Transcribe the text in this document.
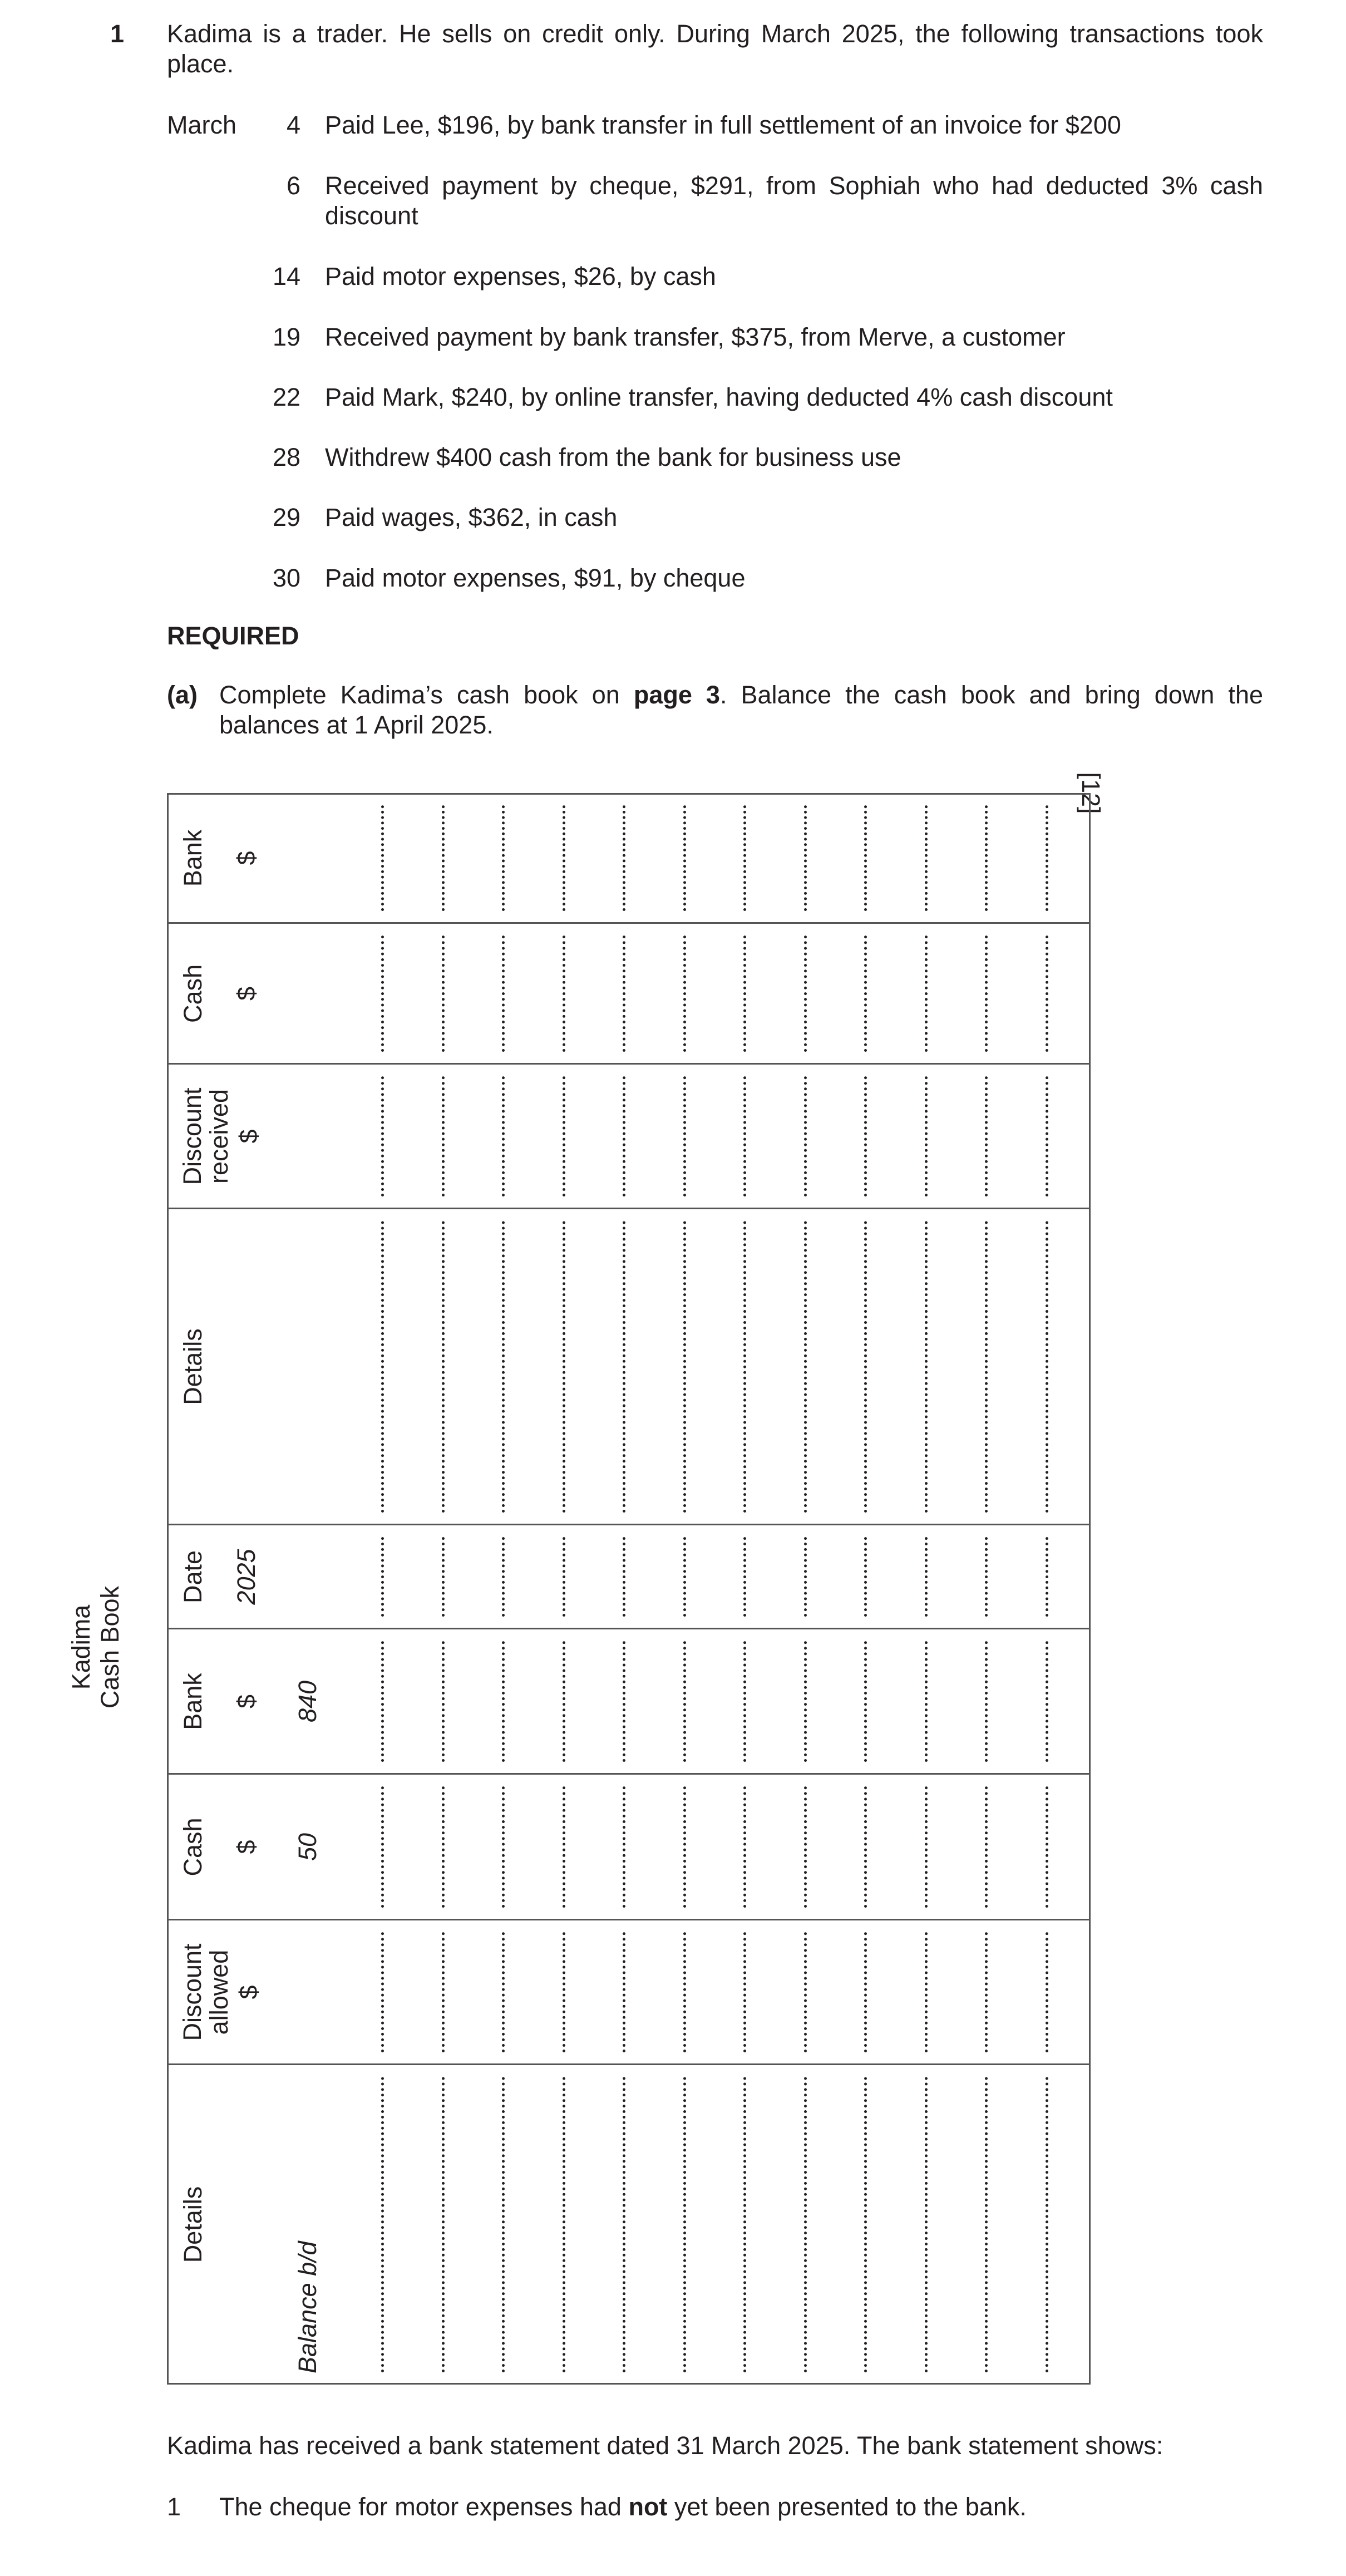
1 Kadima is a trader. He sells on credit only. During March 2025, the following transactions took place.
March	4 Paid Lee, $196, by bank transfer in full settlement of an invoice for $200
6 Received payment by cheque, $291, from Sophiah who had deducted 3% cash discount
14 Paid motor expenses, $26, by cash
19 Received payment by bank transfer, $375, from Merve, a customer
22 Paid Mark, $240, by online transfer, having deducted 4% cash discount
28 Withdrew $400 cash from the bank for business use
29 Paid wages, $362, in cash
30 Paid motor expenses, $91, by cheque
REQUIRED
(a) Complete Kadima’s cash book on page 3. Balance the cash book and bring down the balances at 1 April 2025.
Kadima Cash Book
[12]
Details
Discount allowed $
Cash $
Bank $
Date
Details
Discount received $
Cash $
Bank $
2025
Balance b/d
50
840
Kadima has received a bank statement dated 31 March 2025. The bank statement shows:
1 The cheque for motor expenses had not yet been presented to the bank.
